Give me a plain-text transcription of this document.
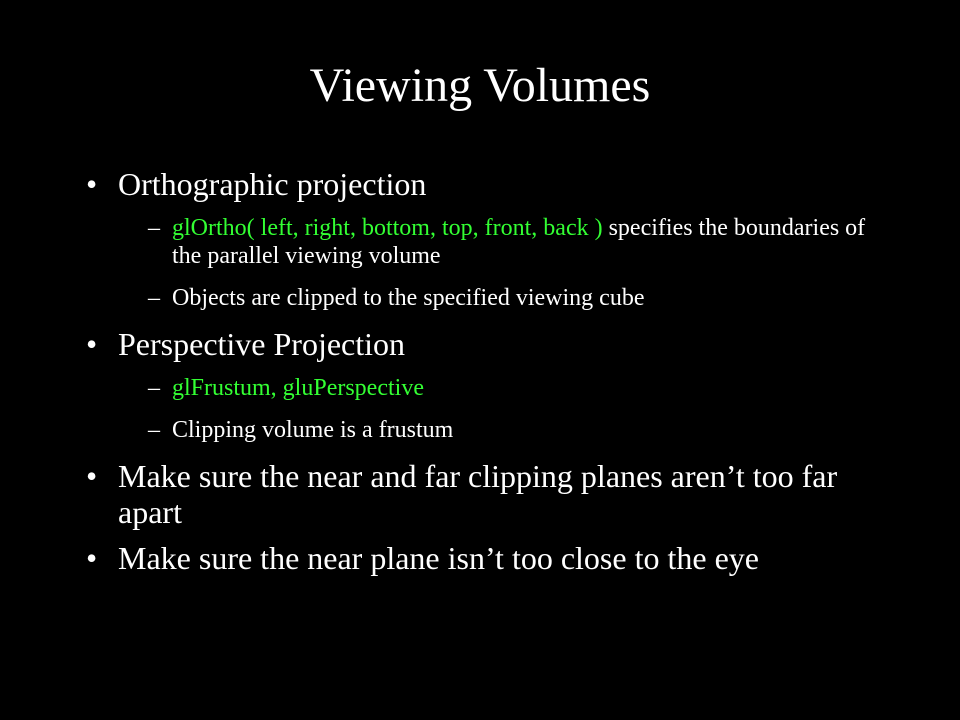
Viewing Volumes
• Orthographic projection
– glOrtho( left, right, bottom, top, front, back ) specifies the boundaries of the parallel viewing volume
– Objects are clipped to the specified viewing cube
• Perspective Projection
– glFrustum, gluPerspective
– Clipping volume is a frustum
• Make sure the near and far clipping planes aren’t too far apart
• Make sure the near plane isn’t too close to the eye
